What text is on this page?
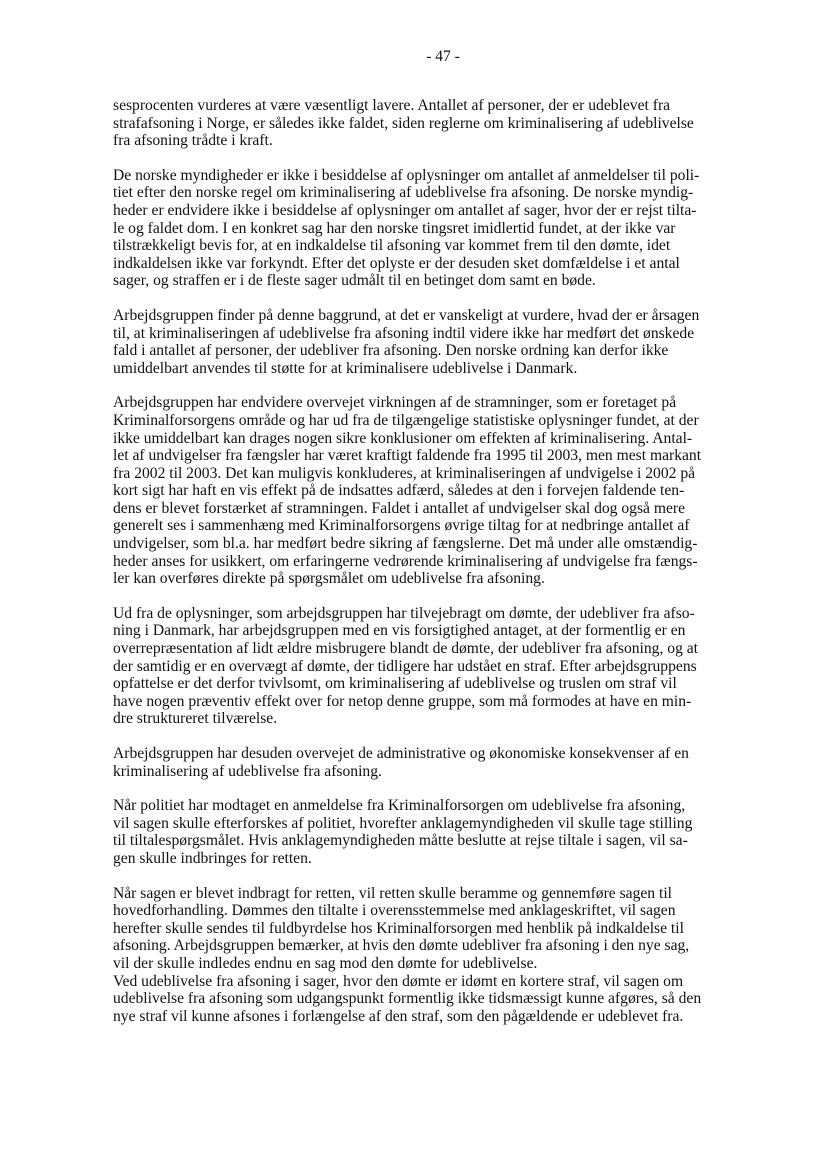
- 47 -

sesprocenten vurderes at være væsentligt lavere. Antallet af personer, der er udeblevet fra
strafafsoning i Norge, er således ikke faldet, siden reglerne om kriminalisering af udeblivelse
fra afsoning trådte i kraft.

De norske myndigheder er ikke i besiddelse af oplysninger om antallet af anmeldelser til poli-
tiet efter den norske regel om kriminalisering af udeblivelse fra afsoning. De norske myndig-
heder er endvidere ikke i besiddelse af oplysninger om antallet af sager, hvor der er rejst tilta-
le og faldet dom. I en konkret sag har den norske tingsret imidlertid fundet, at der ikke var
tilstrækkeligt bevis for, at en indkaldelse til afsoning var kommet frem til den dømte, idet
indkaldelsen ikke var forkyndt. Efter det oplyste er der desuden sket domfældelse i et antal
sager, og straffen er i de fleste sager udmålt til en betinget dom samt en bøde.

Arbejdsgruppen finder på denne baggrund, at det er vanskeligt at vurdere, hvad der er årsagen
til, at kriminaliseringen af udeblivelse fra afsoning indtil videre ikke har medført det ønskede
fald i antallet af personer, der udebliver fra afsoning. Den norske ordning kan derfor ikke
umiddelbart anvendes til støtte for at kriminalisere udeblivelse i Danmark.

Arbejdsgruppen har endvidere overvejet virkningen af de stramninger, som er foretaget på
Kriminalforsorgens område og har ud fra de tilgængelige statistiske oplysninger fundet, at der
ikke umiddelbart kan drages nogen sikre konklusioner om effekten af kriminalisering. Antal-
let af undvigelser fra fængsler har været kraftigt faldende fra 1995 til 2003, men mest markant
fra 2002 til 2003. Det kan muligvis konkluderes, at kriminaliseringen af undvigelse i 2002 på
kort sigt har haft en vis effekt på de indsattes adfærd, således at den i forvejen faldende ten-
dens er blevet forstærket af stramningen. Faldet i antallet af undvigelser skal dog også mere
generelt ses i sammenhæng med Kriminalforsorgens øvrige tiltag for at nedbringe antallet af
undvigelser, som bl.a. har medført bedre sikring af fængslerne. Det må under alle omstændig-
heder anses for usikkert, om erfaringerne vedrørende kriminalisering af undvigelse fra fængs-
ler kan overføres direkte på spørgsmålet om udeblivelse fra afsoning.

Ud fra de oplysninger, som arbejdsgruppen har tilvejebragt om dømte, der udebliver fra afso-
ning i Danmark, har arbejdsgruppen med en vis forsigtighed antaget, at der formentlig er en
overrepræsentation af lidt ældre misbrugere blandt de dømte, der udebliver fra afsoning, og at
der samtidig er en overvægt af dømte, der tidligere har udstået en straf. Efter arbejdsgruppens
opfattelse er det derfor tvivlsomt, om kriminalisering af udeblivelse og truslen om straf vil
have nogen præventiv effekt over for netop denne gruppe, som må formodes at have en min-
dre struktureret tilværelse.

Arbejdsgruppen har desuden overvejet de administrative og økonomiske konsekvenser af en
kriminalisering af udeblivelse fra afsoning.

Når politiet har modtaget en anmeldelse fra Kriminalforsorgen om udeblivelse fra afsoning,
vil sagen skulle efterforskes af politiet, hvorefter anklagemyndigheden vil skulle tage stilling
til tiltalespørgsmålet. Hvis anklagemyndigheden måtte beslutte at rejse tiltale i sagen, vil sa-
gen skulle indbringes for retten.

Når sagen er blevet indbragt for retten, vil retten skulle beramme og gennemføre sagen til
hovedforhandling. Dømmes den tiltalte i overensstemmelse med anklageskriftet, vil sagen
herefter skulle sendes til fuldbyrdelse hos Kriminalforsorgen med henblik på indkaldelse til
afsoning. Arbejdsgruppen bemærker, at hvis den dømte udebliver fra afsoning i den nye sag,
vil der skulle indledes endnu en sag mod den dømte for udeblivelse.

Ved udeblivelse fra afsoning i sager, hvor den dømte er idømt en kortere straf, vil sagen om
udeblivelse fra afsoning som udgangspunkt formentlig ikke tidsmæssigt kunne afgøres, så den
nye straf vil kunne afsones i forlængelse af den straf, som den pågældende er udeblevet fra.
